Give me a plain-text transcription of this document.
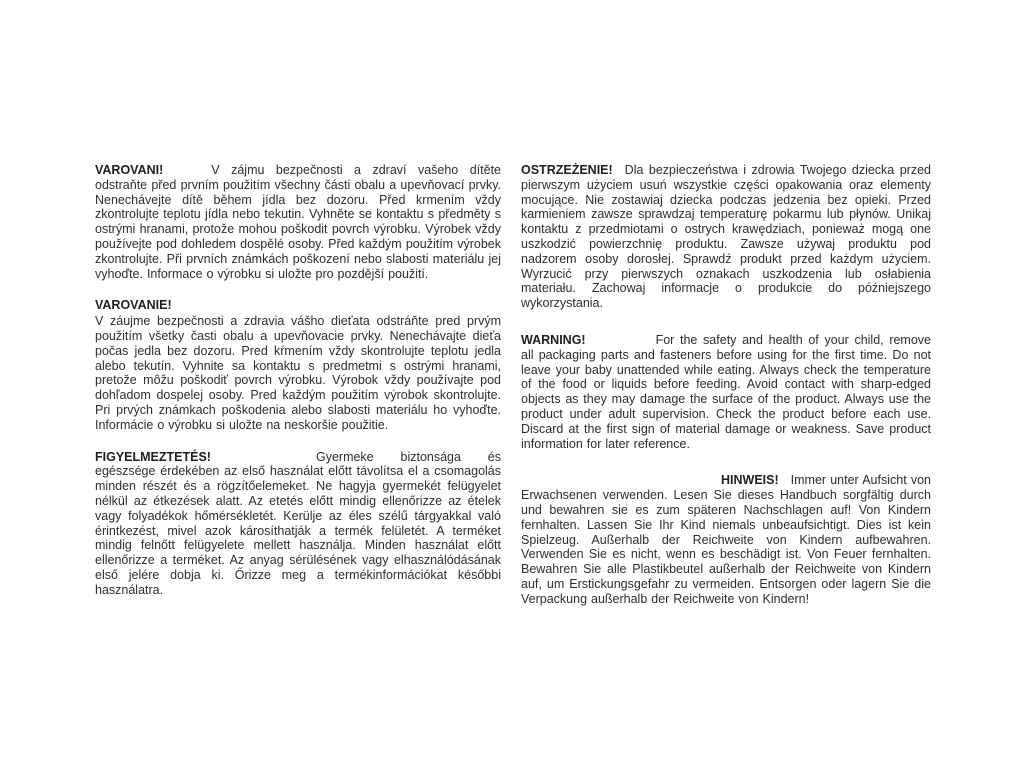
VAROVANI!	V zájmu bezpečnosti a zdraví vašeho dítěte odstraňte před prvním použitím všechny části obalu a upevňovací prvky. Nenechávejte dítě během jídla bez dozoru. Před krmením vždy zkontrolujte teplotu jídla nebo tekutin. Vyhněte se kontaktu s předměty s ostrými hranami, protože mohou poškodit povrch výrobku. Výrobek vždy používejte pod dohledem dospělé osoby. Před každým použitím výrobek zkontrolujte. Při prvních známkách poškození nebo slabosti materiálu jej vyhoďte. Informace o výrobku si uložte pro pozdější použití.

VAROVANIE!
V záujme bezpečnosti a zdravia vášho dieťata odstráňte pred prvým použitím všetky časti obalu a upevňovacie prvky. Nenechávajte dieťa počas jedla bez dozoru. Pred kŕmením vždy skontrolujte teplotu jedla alebo tekutín. Vyhnite sa kontaktu s predmetmi s ostrými hranami, pretože môžu poškodiť povrch výrobku. Výrobok vždy používajte pod dohľadom dospelej osoby. Pred každým použitím výrobok skontrolujte. Pri prvých známkach poškodenia alebo slabosti materiálu ho vyhoďte. Informácie o výrobku si uložte na neskoršie použitie.

FIGYELMEZTETÉS!	Gyermeke biztonsága és egészsége érdekében az első használat előtt távolítsa el a csomagolás minden részét és a rögzítőelemeket. Ne hagyja gyermekét felügyelet nélkül az étkezések alatt. Az etetés előtt mindig ellenőrizze az ételek vagy folyadékok hőmérsékletét. Kerülje az éles szélű tárgyakkal való érintkezést, mivel azok károsíthatják a termék felületét. A terméket mindig felnőtt felügyelete mellett használja. Minden használat előtt ellenőrizze a terméket. Az anyag sérülésének vagy elhasználódásának első jelére dobja ki. Őrizze meg a termékinformációkat későbbi használatra.

OSTRZEŻENIE! Dla bezpieczeństwa i zdrowia Twojego dziecka przed pierwszym użyciem usuń wszystkie części opakowania oraz elementy mocujące. Nie zostawiaj dziecka podczas jedzenia bez opieki. Przed karmieniem zawsze sprawdzaj temperaturę pokarmu lub płynów. Unikaj kontaktu z przedmiotami o ostrych krawędziach, ponieważ mogą one uszkodzić powierzchnię produktu. Zawsze używaj produktu pod nadzorem osoby dorosłej. Sprawdź produkt przed każdym użyciem. Wyrzucić przy pierwszych oznakach uszkodzenia lub osłabienia materiału. Zachowaj informacje o produkcie do późniejszego wykorzystania.

WARNING!	For the safety and health of your child, remove all packaging parts and fasteners before using for the first time. Do not leave your baby unattended while eating. Always check the temperature of the food or liquids before feeding. Avoid contact with sharp-edged objects as they may damage the surface of the product. Always use the product under adult supervision. Check the product before each use. Discard at the first sign of material damage or weakness. Save product information for later reference.

HINWEIS! Immer unter Aufsicht von Erwachsenen verwenden. Lesen Sie dieses Handbuch sorgfältig durch und bewahren sie es zum späteren Nachschlagen auf! Von Kindern fernhalten. Lassen Sie Ihr Kind niemals unbeaufsichtigt. Dies ist kein Spielzeug. Außerhalb der Reichweite von Kindern aufbewahren. Verwenden Sie es nicht, wenn es beschädigt ist. Von Feuer fernhalten. Bewahren Sie alle Plastikbeutel außerhalb der Reichweite von Kindern auf, um Erstickungsgefahr zu vermeiden. Entsorgen oder lagern Sie die Verpackung außerhalb der Reichweite von Kindern!
